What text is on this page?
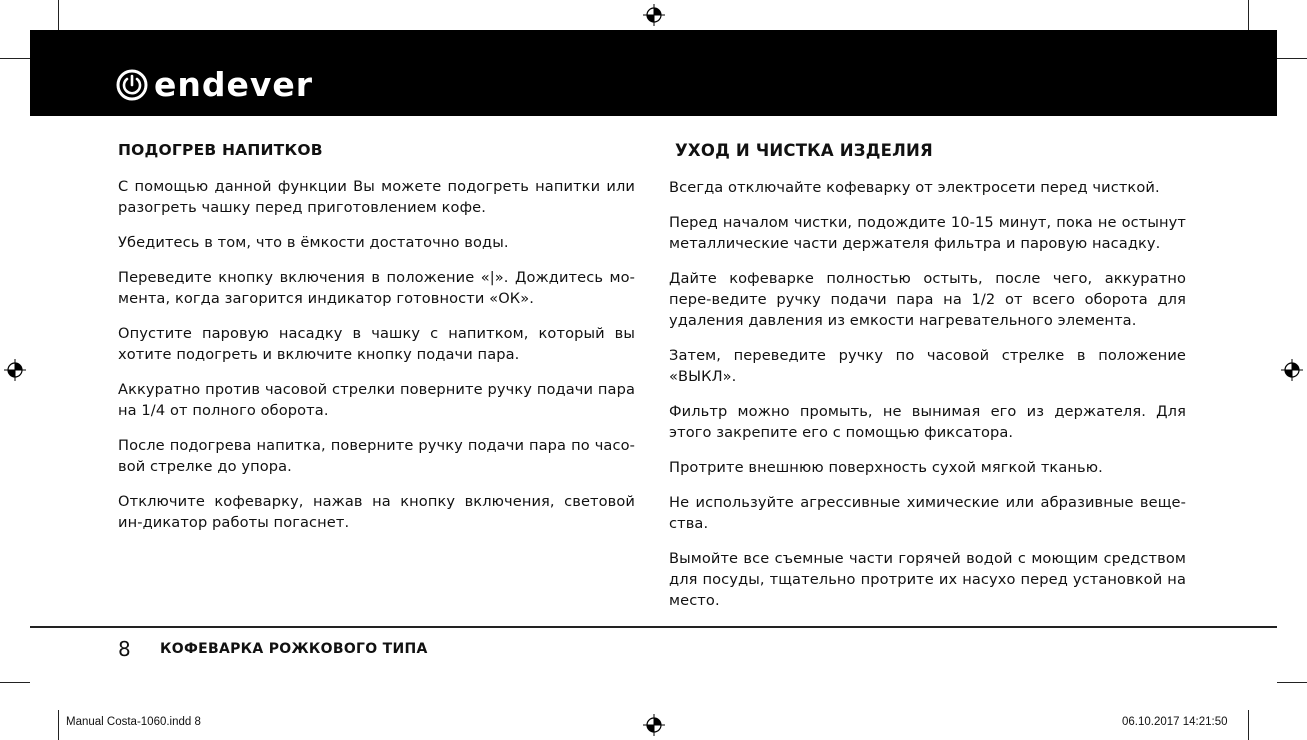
endever
ПОДОГРЕВ НАПИТКОВ

С помощью данной функции Вы можете подогреть напитки или разогреть чашку перед приготовлением кофе.

Убедитесь в том, что в ёмкости достаточно воды.

Переведите кнопку включения в положение «|». Дождитесь мо-мента, когда загорится индикатор готовности «ОК».

Опустите паровую насадку в чашку с напитком, который вы хотите подогреть и включите кнопку подачи пара.

Аккуратно против часовой стрелки поверните ручку подачи пара на 1/4 от полного оборота.

После подогрева напитка, поверните ручку подачи пара по часо-вой стрелке до упора.

Отключите кофеварку, нажав на кнопку включения, световой ин-дикатор работы погаснет.

УХОД И ЧИСТКА ИЗДЕЛИЯ

Всегда отключайте кофеварку от электросети перед чисткой.

Перед началом чистки, подождите 10-15 минут, пока не остынут металлические части держателя фильтра и паровую насадку.

Дайте кофеварке полностью остыть, после чего, аккуратно пере-ведите ручку подачи пара на 1/2 от всего оборота для удаления давления из емкости нагревательного элемента.

Затем, переведите ручку по часовой стрелке в положение «ВЫКЛ».

Фильтр можно промыть, не вынимая его из держателя. Для этого закрепите его с помощью фиксатора.

Протрите внешнюю поверхность сухой мягкой тканью.

Не используйте агрессивные химические или абразивные веще-ства.

Вымойте все съемные части горячей водой с моющим средством для посуды, тщательно протрите их насухо перед установкой на место.

8 КОФЕВАРКА РОЖКОВОГО ТИПА
Manual Costa-1060.indd 8	06.10.2017 14:21:50
